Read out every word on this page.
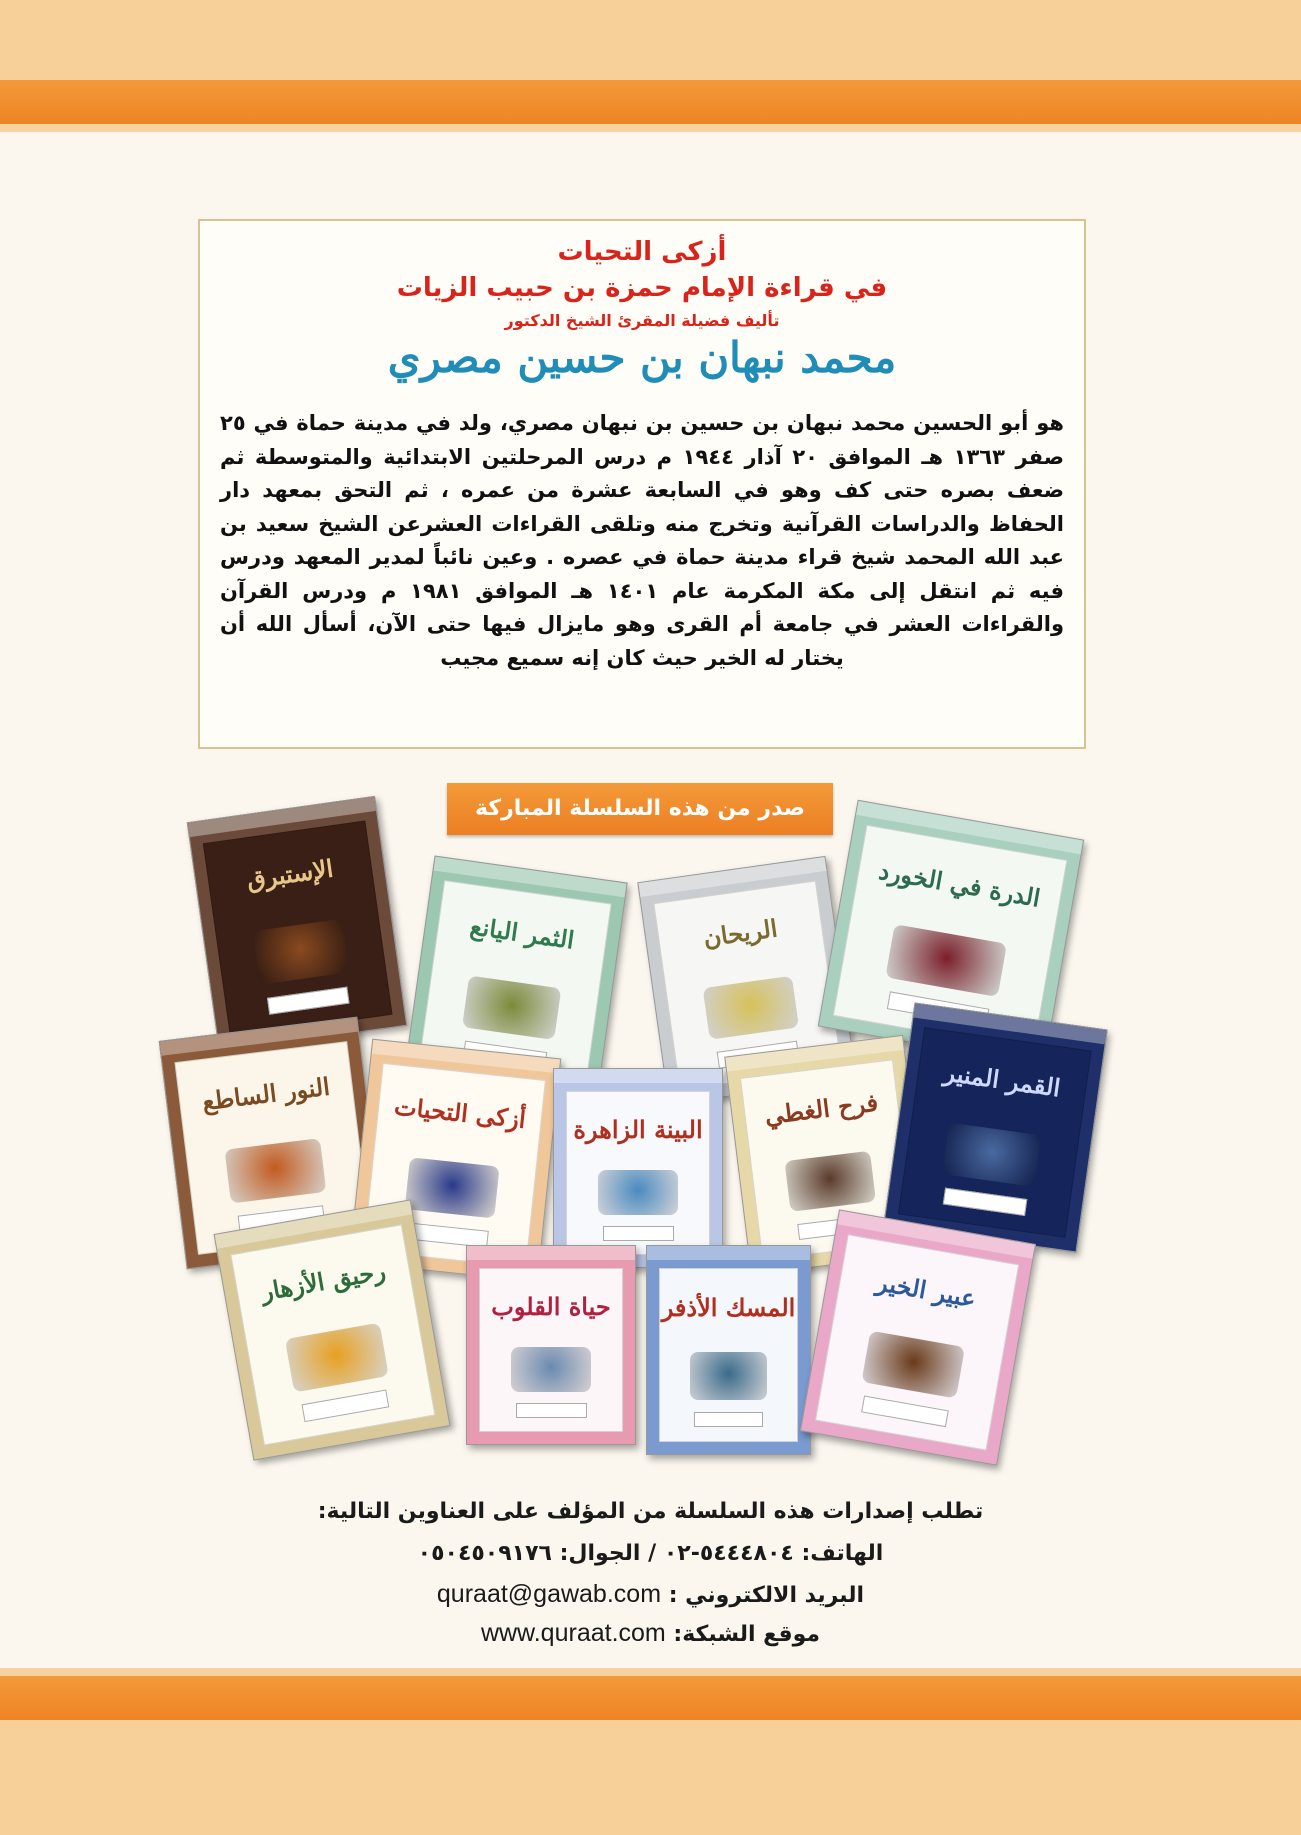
أزكى التحيات
في قراءة الإمام حمزة بن حبيب الزيات
تأليف فضيلة المقرئ الشيخ الدكتور
محمد نبهان بن حسين مصري
هو أبو الحسين محمد نبهان بن حسين بن نبهان مصري، ولد في مدينة حماة في ٢٥ صفر ١٣٦٣ هـ الموافق ٢٠ آذار ١٩٤٤ م درس المرحلتين الابتدائية والمتوسطة ثم ضعف بصره حتى كف وهو في السابعة عشرة من عمره ، ثم التحق بمعهد دار الحفاظ والدراسات القرآنية وتخرج منه وتلقى القراءات العشرعن الشيخ سعيد بن عبد الله المحمد شيخ قراء مدينة حماة في عصره . وعين نائباً لمدير المعهد ودرس فيه ثم انتقل إلى مكة المكرمة عام ١٤٠١ هـ الموافق ١٩٨١ م ودرس القرآن والقراءات العشر في جامعة أم القرى وهو مايزال فيها حتى الآن، أسأل الله أن يختار له الخير حيث كان إنه سميع مجيب
صدر من هذه السلسلة المباركة
الإستبرق
الثمر اليانع	الريحان
الدرة في الخورد
النور الساطع	أزكى التحيات	البينة الزاهرة	فرح الغطي
القمر المنير
رحيق الأزهار	حياة القلوب	المسك الأذفر	عبير الخير
تطلب إصدارات هذه السلسلة من المؤلف على العناوين التالية:
الهاتف: ٥٤٤٤٨٠٤-٠٢ / الجوال: ٠٥٠٤٥٠٩١٧٦
quraat@gawab.com البريد الالكتروني :
www.quraat.com موقع الشبكة:
